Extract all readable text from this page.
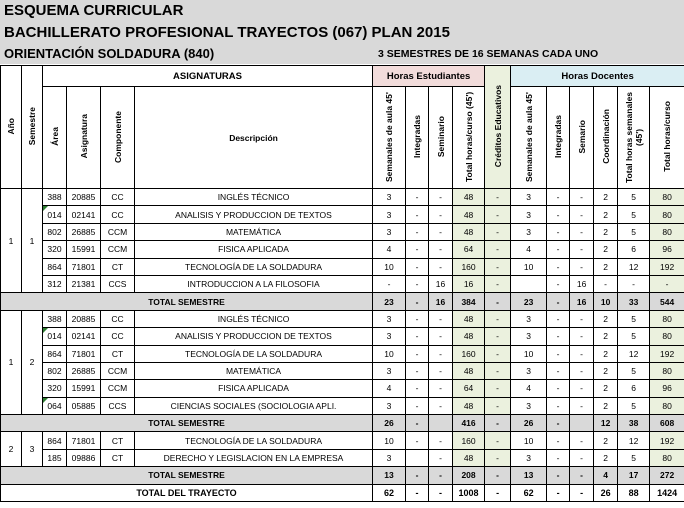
ESQUEMA CURRICULAR
BACHILLERATO PROFESIONAL TRAYECTOS (067) PLAN 2015
ORIENTACIÓN SOLDADURA (840)	3 SEMESTRES DE 16 SEMANAS CADA UNO
Año	Semestre	ASIGNATURAS				Horas Estudiantes				Créditos Educativos	Horas Docentes					
		Área	Asignatura	Componente	Descripción	Semanales de aula 45'	Integradas	Seminario	Total horas/curso (45')		Semanales de aula 45'	Integradas	Semario	Coordinación	Total horas semanales (45')	Total horas/curso
1	1	388	20885	CC	INGLÉS TÉCNICO	3	-	-	48	-	3	-	-	2	5	80
		014	02141	CC	ANALISIS Y PRODUCCION DE TEXTOS	3	-	-	48	-	3	-	-	2	5	80
		802	26885	CCM	MATEMÁTICA	3	-	-	48	-	3	-	-	2	5	80
		320	15991	CCM	FISICA APLICADA	4	-	-	64	-	4	-	-	2	6	96
		864	71801	CT	TECNOLOGÍA DE LA SOLDADURA	10	-	-	160	-	10	-	-	2	12	192
		312	21381	CCS	INTRODUCCION A LA FILOSOFIA	-	-	16	16	-		-	16	-	-	-
TOTAL SEMESTRE						23	-	16	384	-	23	-	16	10	33	544
1	2	388	20885	CC	INGLÉS TÉCNICO	3	-	-	48	-	3	-	-	2	5	80
		014	02141	CC	ANALISIS Y PRODUCCION DE TEXTOS	3	-	-	48	-	3	-	-	2	5	80
		864	71801	CT	TECNOLOGÍA DE LA SOLDADURA	10	-	-	160	-	10	-	-	2	12	192
		802	26885	CCM	MATEMÁTICA	3	-	-	48	-	3	-	-	2	5	80
		320	15991	CCM	FISICA APLICADA	4	-	-	64	-	4	-	-	2	6	96
		064	05885	CCS	CIENCIAS SOCIALES (SOCIOLOGIA APLI.	3	-	-	48	-	3	-	-	2	5	80
TOTAL SEMESTRE						26	-		416	-	26	-		12	38	608
2	3	864	71801	CT	TECNOLOGÍA DE LA SOLDADURA	10	-	-	160	-	10	-	-	2	12	192
		185	09886	CT	DERECHO Y LEGISLACION EN LA EMPRESA	3		-	48	-	3	-	-	2	5	80
TOTAL SEMESTRE						13	-	-	208	-	13	-	-	4	17	272
TOTAL DEL TRAYECTO						62	-	-	1008	-	62	-	-	26	88	1424
